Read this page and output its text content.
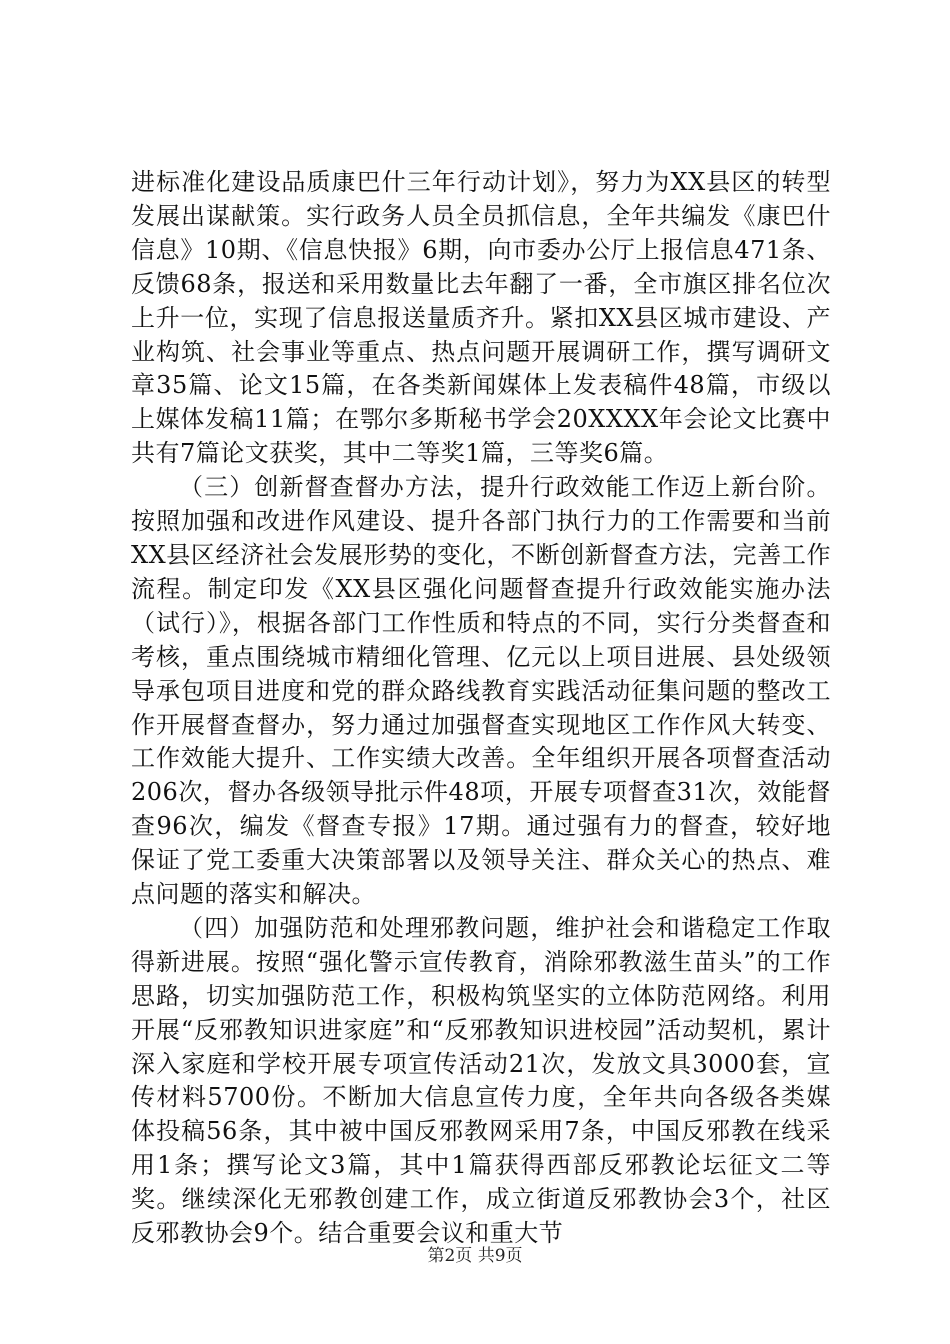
进标准化建设品质康巴什三年行动计划》，努力为XX县区的转型发展出谋献策。实行政务人员全员抓信息，全年共编发《康巴什信息》10期、《信息快报》6期，向市委办公厅上报信息471条、反馈68条，报送和采用数量比去年翻了一番，全市旗区排名位次上升一位，实现了信息报送量质齐升。紧扣XX县区城市建设、产业构筑、社会事业等重点、热点问题开展调研工作，撰写调研文章35篇、论文15篇，在各类新闻媒体上发表稿件48篇，市级以上媒体发稿11篇；在鄂尔多斯秘书学会20XXXX年会论文比赛中共有7篇论文获奖，其中二等奖1篇，三等奖6篇。

（三）创新督查督办方法，提升行政效能工作迈上新台阶。按照加强和改进作风建设、提升各部门执行力的工作需要和当前XX县区经济社会发展形势的变化，不断创新督查方法，完善工作流程。制定印发《XX县区强化问题督查提升行政效能实施办法（试行）》，根据各部门工作性质和特点的不同，实行分类督查和考核，重点围绕城市精细化管理、亿元以上项目进展、县处级领导承包项目进度和党的群众路线教育实践活动征集问题的整改工作开展督查督办，努力通过加强督查实现地区工作作风大转变、工作效能大提升、工作实绩大改善。全年组织开展各项督查活动206次，督办各级领导批示件48项，开展专项督查31次，效能督查96次，编发《督查专报》17期。通过强有力的督查，较好地保证了党工委重大决策部署以及领导关注、群众关心的热点、难点问题的落实和解决。

（四）加强防范和处理邪教问题，维护社会和谐稳定工作取得新进展。按照“强化警示宣传教育，消除邪教滋生苗头”的工作思路，切实加强防范工作，积极构筑坚实的立体防范网络。利用开展“反邪教知识进家庭”和“反邪教知识进校园”活动契机，累计深入家庭和学校开展专项宣传活动21次，发放文具3000套，宣传材料5700份。不断加大信息宣传力度，全年共向各级各类媒体投稿56条，其中被中国反邪教网采用7条，中国反邪教在线采用1条；撰写论文3篇，其中1篇获得西部反邪教论坛征文二等奖。继续深化无邪教创建工作，成立街道反邪教协会3个，社区反邪教协会9个。结合重要会议和重大节

第2页 共9页
